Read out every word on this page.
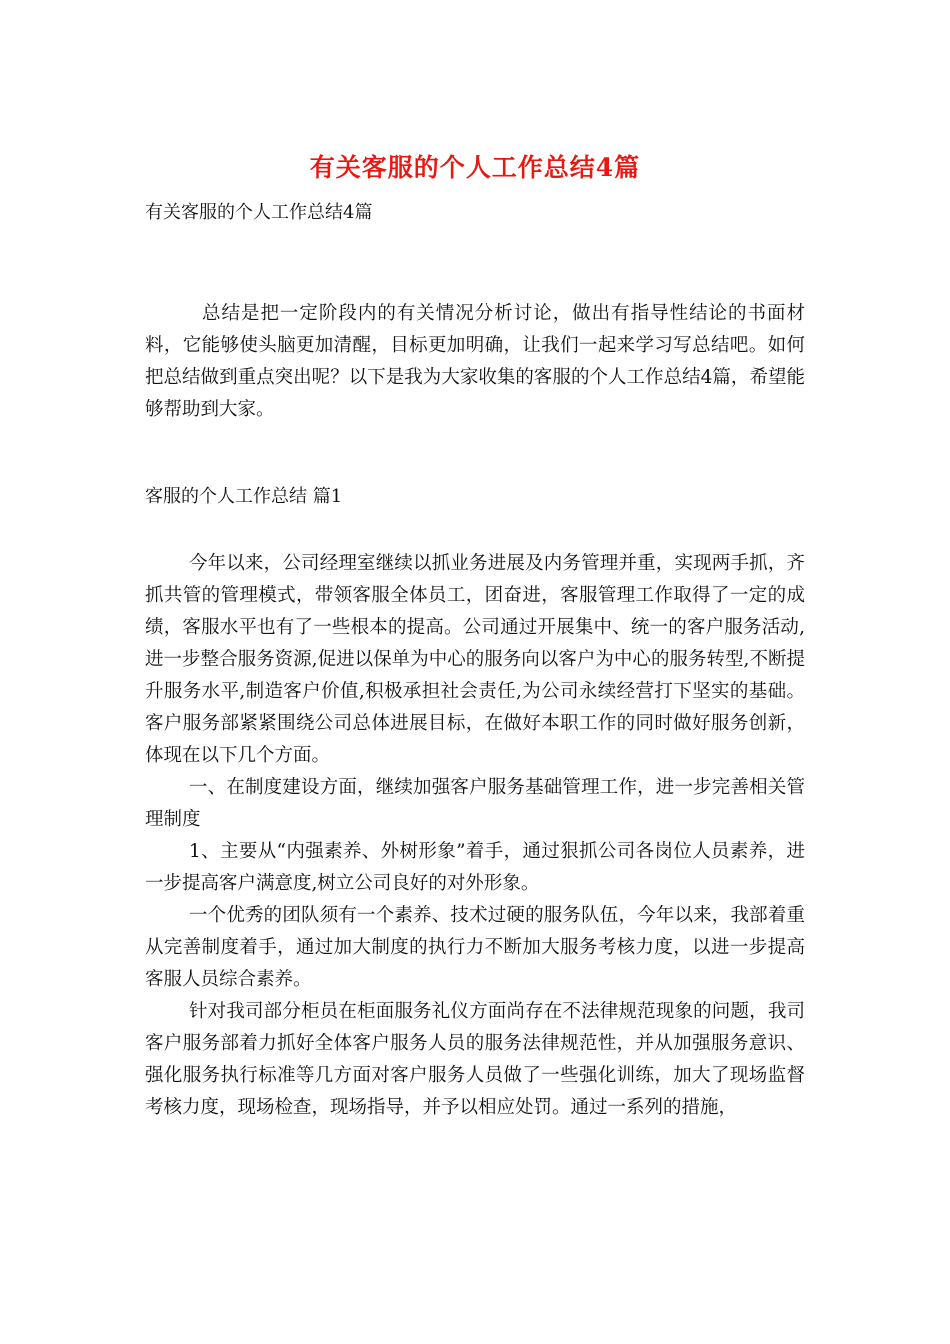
有关客服的个人工作总结4篇
有关客服的个人工作总结4篇
总结是把一定阶段内的有关情况分析讨论，做出有指导性结论的书面材料，它能够使头脑更加清醒，目标更加明确，让我们一起来学习写总结吧。如何把总结做到重点突出呢？以下是我为大家收集的客服的个人工作总结4篇，希望能够帮助到大家。
客服的个人工作总结 篇1

今年以来，公司经理室继续以抓业务进展及内务管理并重，实现两手抓，齐抓共管的管理模式，带领客服全体员工，团奋进，客服管理工作取得了一定的成绩，客服水平也有了一些根本的提高。公司通过开展集中、统一的客户服务活动,进一步整合服务资源,促进以保单为中心的服务向以客户为中心的服务转型,不断提升服务水平,制造客户价值,积极承担社会责任,为公司永续经营打下坚实的基础。客户服务部紧紧围绕公司总体进展目标，在做好本职工作的同时做好服务创新，体现在以下几个方面。

一、在制度建设方面，继续加强客户服务基础管理工作，进一步完善相关管理制度

1、主要从“内强素养、外树形象”着手，通过狠抓公司各岗位人员素养，进一步提高客户满意度,树立公司良好的对外形象。

一个优秀的团队须有一个素养、技术过硬的服务队伍，今年以来，我部着重从完善制度着手，通过加大制度的执行力不断加大服务考核力度，以进一步提高客服人员综合素养。

针对我司部分柜员在柜面服务礼仪方面尚存在不法律规范现象的问题，我司客户服务部着力抓好全体客户服务人员的服务法律规范性，并从加强服务意识、强化服务执行标准等几方面对客户服务人员做了一些强化训练，加大了现场监督考核力度，现场检查，现场指导，并予以相应处罚。通过一系列的措施，
